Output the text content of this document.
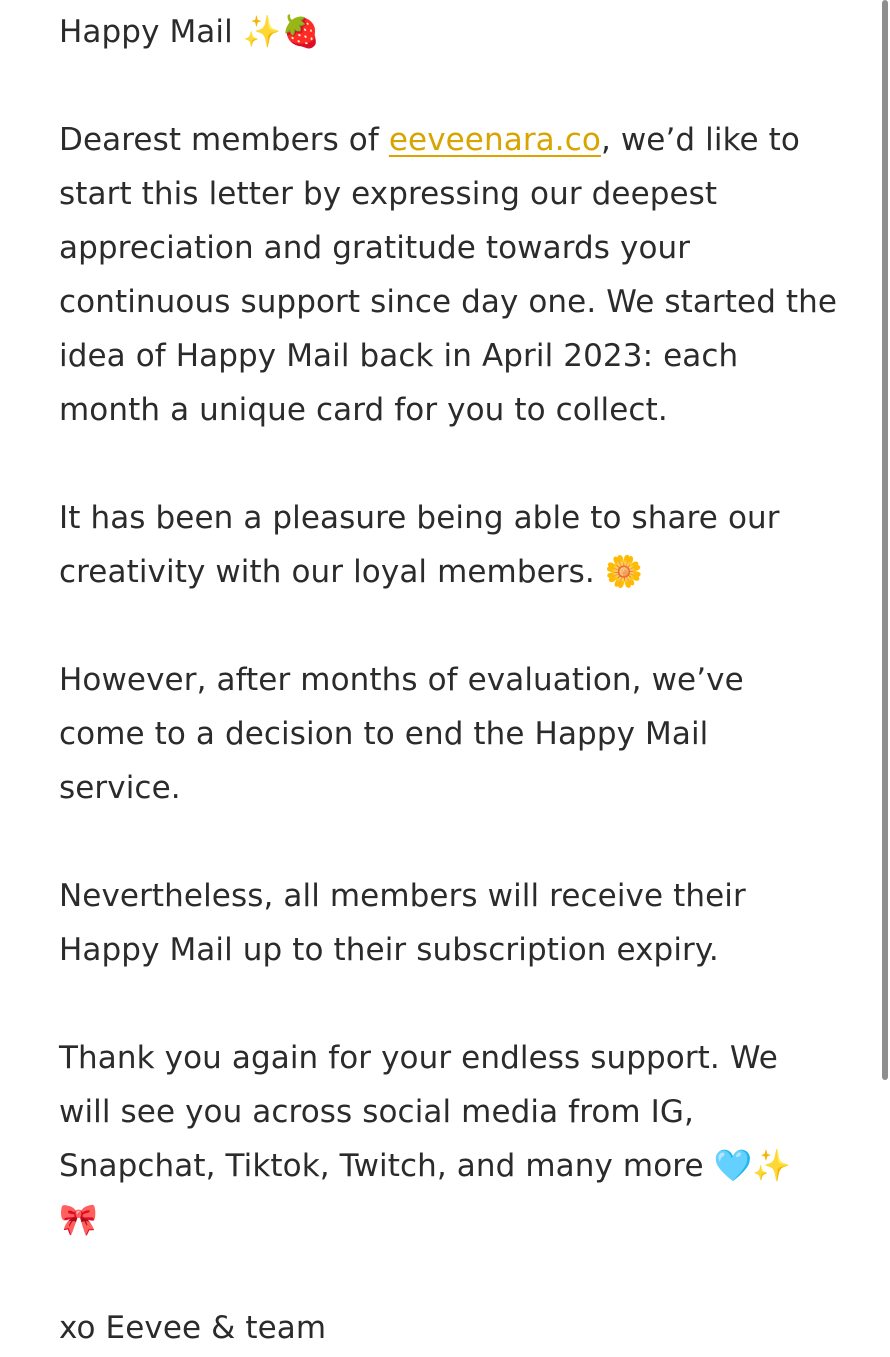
Happy Mail ✨🍓

Dearest members of eeveenara.co, we’d like to start this letter by expressing our deepest appreciation and gratitude towards your continuous support since day one. We started the idea of Happy Mail back in April 2023: each month a unique card for you to collect.

It has been a pleasure being able to share our creativity with our loyal members. 🌼

However, after months of evaluation, we’ve come to a decision to end the Happy Mail service.

Nevertheless, all members will receive their Happy Mail up to their subscription expiry.

Thank you again for your endless support. We will see you across social media from IG, Snapchat, Tiktok, Twitch, and many more 🩵✨ 🎀

xo Eevee & team
